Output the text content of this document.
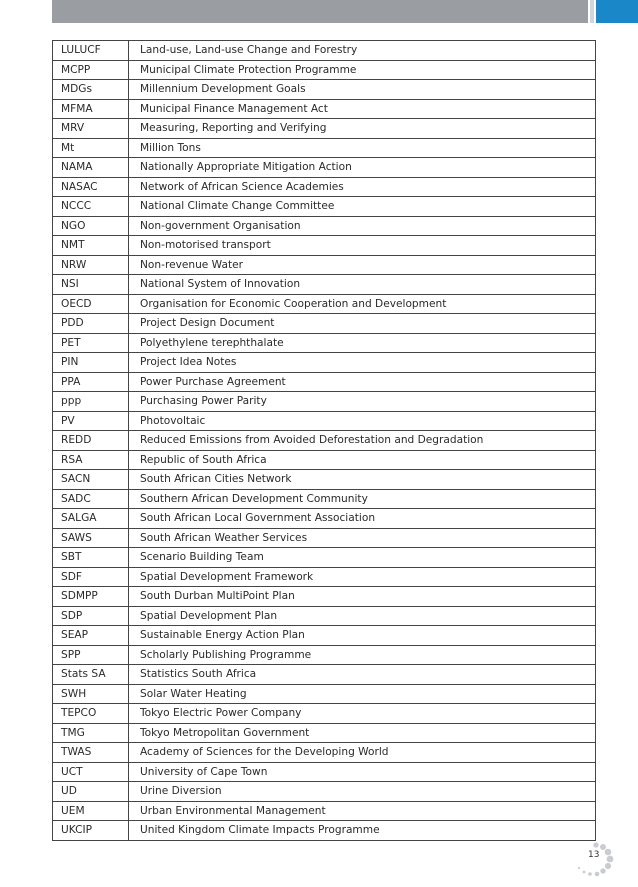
LULUCF	Land-use, Land-use Change and Forestry
MCPP	Municipal Climate Protection Programme
MDGs	Millennium Development Goals
MFMA	Municipal Finance Management Act
MRV	Measuring, Reporting and Verifying
Mt	Million Tons
NAMA	Nationally Appropriate Mitigation Action
NASAC	Network of African Science Academies
NCCC	National Climate Change Committee
NGO	Non-government Organisation
NMT	Non-motorised transport
NRW	Non-revenue Water
NSI	National System of Innovation
OECD	Organisation for Economic Cooperation and Development
PDD	Project Design Document
PET	Polyethylene terephthalate
PIN	Project Idea Notes
PPA	Power Purchase Agreement
ppp	Purchasing Power Parity
PV	Photovoltaic
REDD	Reduced Emissions from Avoided Deforestation and Degradation
RSA	Republic of South Africa
SACN	South African Cities Network
SADC	Southern African Development Community
SALGA	South African Local Government Association
SAWS	South African Weather Services
SBT	Scenario Building Team
SDF	Spatial Development Framework
SDMPP	South Durban MultiPoint Plan
SDP	Spatial Development Plan
SEAP	Sustainable Energy Action Plan
SPP	Scholarly Publishing Programme
Stats SA	Statistics South Africa
SWH	Solar Water Heating
TEPCO	Tokyo Electric Power Company
TMG	Tokyo Metropolitan Government
TWAS	Academy of Sciences for the Developing World
UCT	University of Cape Town
UD	Urine Diversion
UEM	Urban Environmental Management
UKCIP	United Kingdom Climate Impacts Programme
13
